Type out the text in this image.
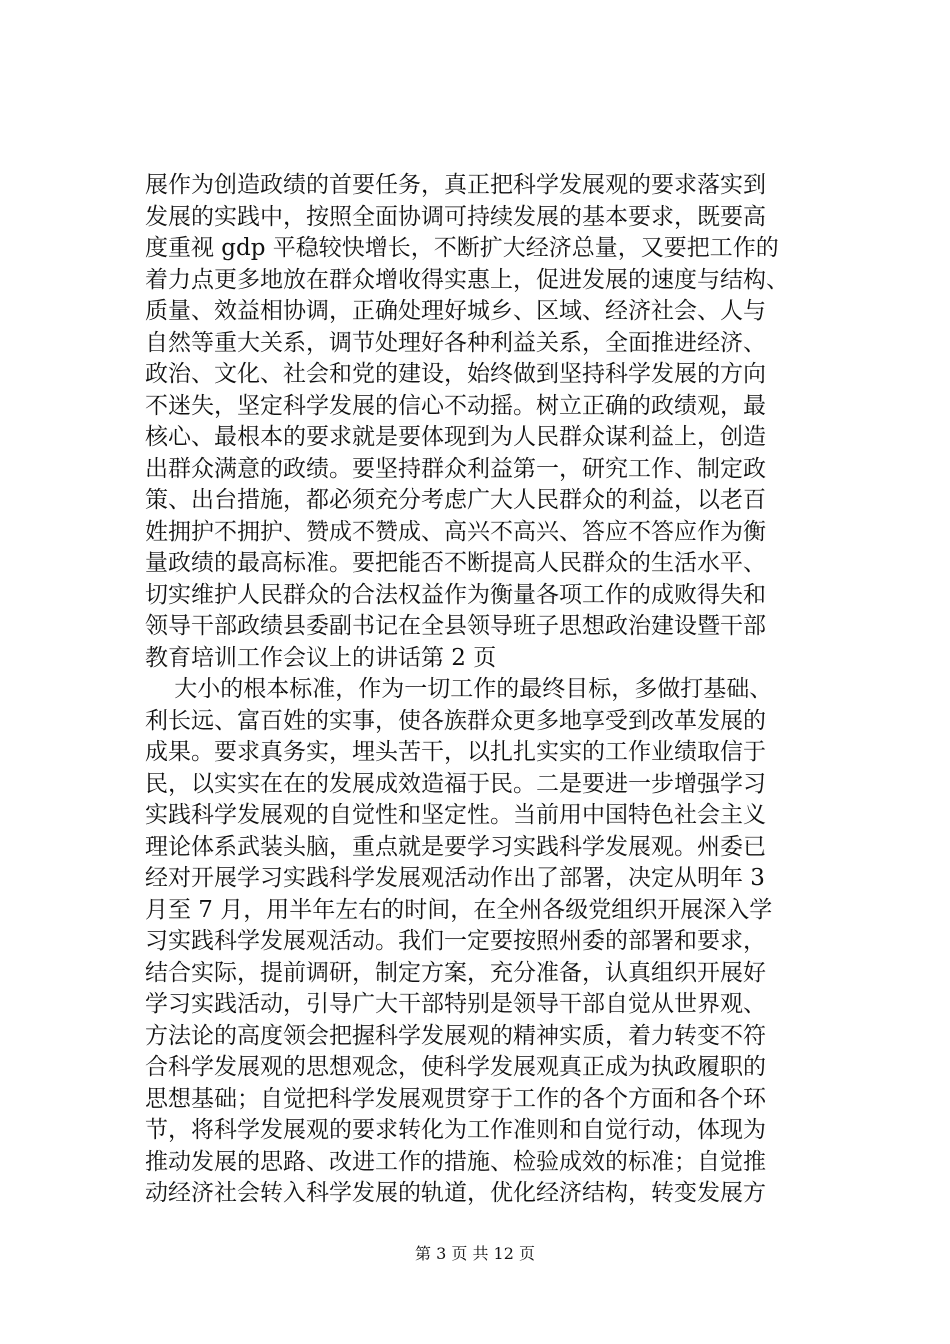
展作为创造政绩的首要任务，真正把科学发展观的要求落实到
发展的实践中，按照全面协调可持续发展的基本要求，既要高
度重视 gdp 平稳较快增长，不断扩大经济总量，又要把工作的
着力点更多地放在群众增收得实惠上，促进发展的速度与结构、
质量、效益相协调，正确处理好城乡、区域、经济社会、人与
自然等重大关系，调节处理好各种利益关系，全面推进经济、
政治、文化、社会和党的建设，始终做到坚持科学发展的方向
不迷失，坚定科学发展的信心不动摇。树立正确的政绩观，最
核心、最根本的要求就是要体现到为人民群众谋利益上，创造
出群众满意的政绩。要坚持群众利益第一，研究工作、制定政
策、出台措施，都必须充分考虑广大人民群众的利益，以老百
姓拥护不拥护、赞成不赞成、高兴不高兴、答应不答应作为衡
量政绩的最高标准。要把能否不断提高人民群众的生活水平、
切实维护人民群众的合法权益作为衡量各项工作的成败得失和
领导干部政绩县委副书记在全县领导班子思想政治建设暨干部
教育培训工作会议上的讲话第 2 页
大小的根本标准，作为一切工作的最终目标，多做打基础、
利长远、富百姓的实事，使各族群众更多地享受到改革发展的
成果。要求真务实，埋头苦干，以扎扎实实的工作业绩取信于
民，以实实在在的发展成效造福于民。二是要进一步增强学习
实践科学发展观的自觉性和坚定性。当前用中国特色社会主义
理论体系武装头脑，重点就是要学习实践科学发展观。州委已
经对开展学习实践科学发展观活动作出了部署，决定从明年 3
月至 7 月，用半年左右的时间，在全州各级党组织开展深入学
习实践科学发展观活动。我们一定要按照州委的部署和要求，
结合实际，提前调研，制定方案，充分准备，认真组织开展好
学习实践活动，引导广大干部特别是领导干部自觉从世界观、
方法论的高度领会把握科学发展观的精神实质，着力转变不符
合科学发展观的思想观念，使科学发展观真正成为执政履职的
思想基础；自觉把科学发展观贯穿于工作的各个方面和各个环
节，将科学发展观的要求转化为工作准则和自觉行动，体现为
推动发展的思路、改进工作的措施、检验成效的标准；自觉推
动经济社会转入科学发展的轨道，优化经济结构，转变发展方
第 3 页 共 12 页
